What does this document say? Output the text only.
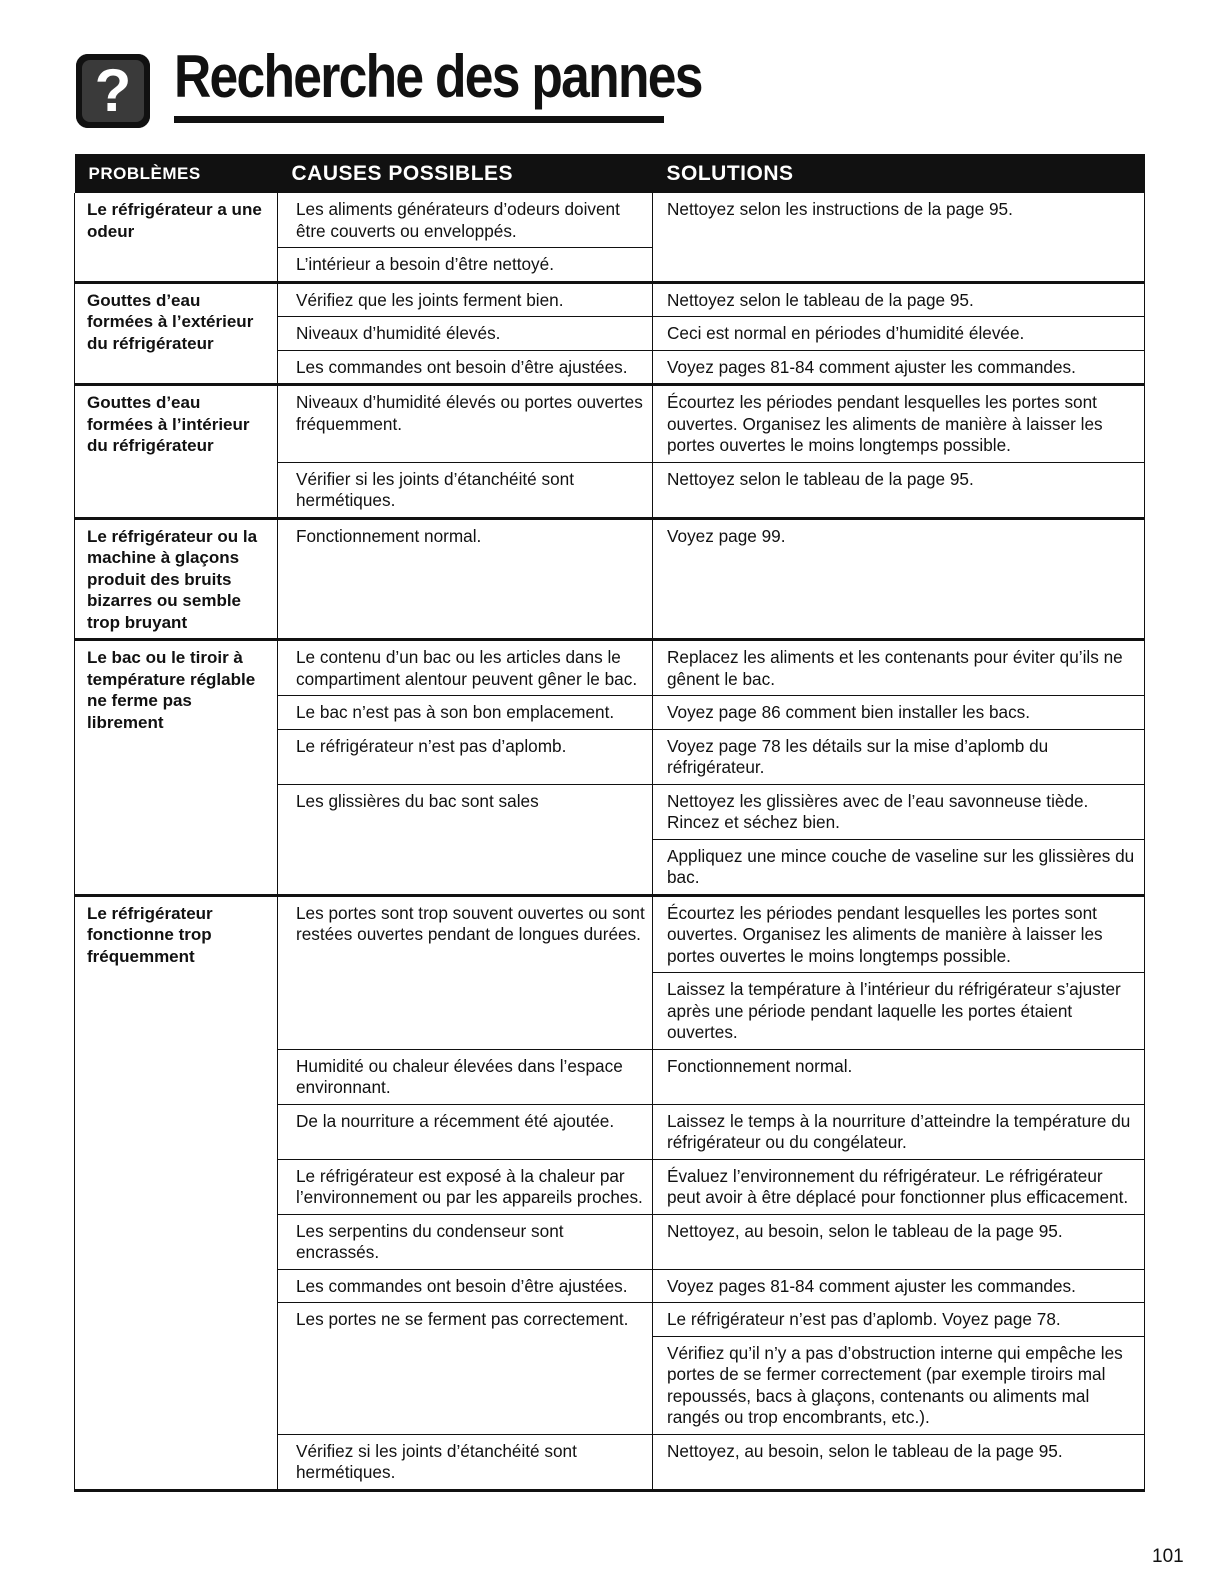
? Recherche des pannes
PROBLÈMES	CAUSES POSSIBLES	SOLUTIONS
Le réfrigérateur a une odeur	Les aliments générateurs d’odeurs doivent être couverts ou enveloppés.	Nettoyez selon les instructions de la page 95.
	L’intérieur a besoin d’être nettoyé.	
Gouttes d’eau formées à l’extérieur du réfrigérateur	Vérifiez que les joints ferment bien.	Nettoyez selon le tableau de la page 95.
	Niveaux d’humidité élevés.	Ceci est normal en périodes d’humidité élevée.
	Les commandes ont besoin d’être ajustées.	Voyez pages 81-84 comment ajuster les commandes.
Gouttes d’eau formées à l’intérieur du réfrigérateur	Niveaux d’humidité élevés ou portes ouvertes fréquemment.	Écourtez les périodes pendant lesquelles les portes sont ouvertes. Organisez les aliments de manière à laisser les portes ouvertes le moins longtemps possible.
	Vérifier si les joints d’étanchéité sont hermétiques.	Nettoyez selon le tableau de la page 95.
Le réfrigérateur ou la machine à glaçons produit des bruits bizarres ou semble trop bruyant	Fonctionnement normal.	Voyez page 99.
Le bac ou le tiroir à température réglable ne ferme pas librement	Le contenu d’un bac ou les articles dans le compartiment alentour peuvent gêner le bac.	Replacez les aliments et les contenants pour éviter qu’ils ne gênent le bac.
	Le bac n’est pas à son bon emplacement.	Voyez page 86 comment bien installer les bacs.
	Le réfrigérateur n’est pas d’aplomb.	Voyez page 78 les détails sur la mise d’aplomb du réfrigérateur.
	Les glissières du bac sont sales	Nettoyez les glissières avec de l’eau savonneuse tiède. Rincez et séchez bien.
		Appliquez une mince couche de vaseline sur les glissières du bac.
Le réfrigérateur fonctionne trop fréquemment	Les portes sont trop souvent ouvertes ou sont restées ouvertes pendant de longues durées.	Écourtez les périodes pendant lesquelles les portes sont ouvertes. Organisez les aliments de manière à laisser les portes ouvertes le moins longtemps possible.
		Laissez la température à l’intérieur du réfrigérateur s’ajuster après une période pendant laquelle les portes étaient ouvertes.
	Humidité ou chaleur élevées dans l’espace environnant.	Fonctionnement normal.
	De la nourriture a récemment été ajoutée.	Laissez le temps à la nourriture d’atteindre la température du réfrigérateur ou du congélateur.
	Le réfrigérateur est exposé à la chaleur par l’environnement ou par les appareils proches.	Évaluez l’environnement du réfrigérateur. Le réfrigérateur peut avoir à être déplacé pour fonctionner plus efficacement.
	Les serpentins du condenseur sont encrassés.	Nettoyez, au besoin, selon le tableau de la page 95.
	Les commandes ont besoin d’être ajustées.	Voyez pages 81-84 comment ajuster les commandes.
	Les portes ne se ferment pas correctement.	Le réfrigérateur n’est pas d’aplomb. Voyez page 78.
		Vérifiez qu’il n’y a pas d’obstruction interne qui empêche les portes de se fermer correctement (par exemple tiroirs mal repoussés, bacs à glaçons, contenants ou aliments mal rangés ou trop encombrants, etc.).
	Vérifiez si les joints d’étanchéité sont hermétiques.	Nettoyez, au besoin, selon le tableau de la page 95.
101
